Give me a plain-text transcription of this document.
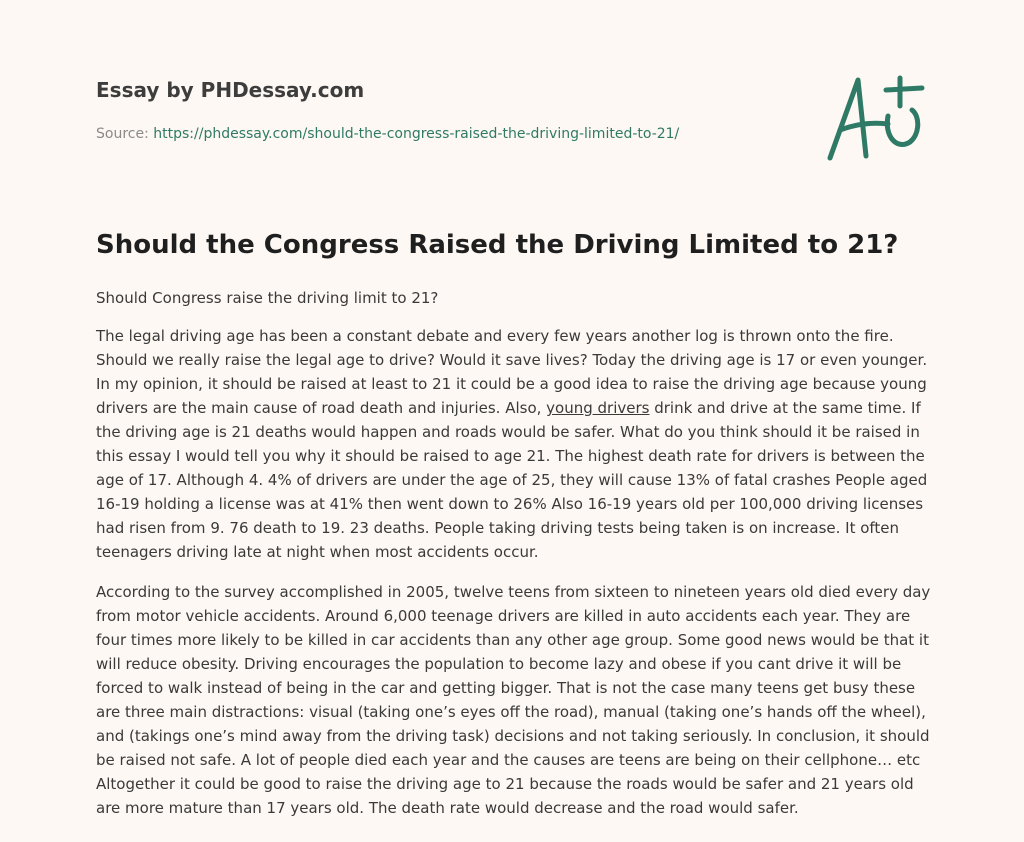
Essay by PHDessay.com
Source: https://phdessay.com/should-the-congress-raised-the-driving-limited-to-21/
Should the Congress Raised the Driving Limited to 21?

Should Congress raise the driving limit to 21?

The legal driving age has been a constant debate and every few years another log is thrown onto the fire. Should we really raise the legal age to drive? Would it save lives? Today the driving age is 17 or even younger. In my opinion, it should be raised at least to 21 it could be a good idea to raise the driving age because young drivers are the main cause of road death and injuries. Also, young drivers drink and drive at the same time. If the driving age is 21 deaths would happen and roads would be safer. What do you think should it be raised in this essay I would tell you why it should be raised to age 21. The highest death rate for drivers is between the age of 17. Although 4. 4% of drivers are under the age of 25, they will cause 13% of fatal crashes People aged 16-19 holding a license was at 41% then went down to 26% Also 16-19 years old per 100,000 driving licenses had risen from 9. 76 death to 19. 23 deaths. People taking driving tests being taken is on increase. It often teenagers driving late at night when most accidents occur.

According to the survey accomplished in 2005, twelve teens from sixteen to nineteen years old died every day from motor vehicle accidents. Around 6,000 teenage drivers are killed in auto accidents each year. They are four times more likely to be killed in car accidents than any other age group. Some good news would be that it will reduce obesity. Driving encourages the population to become lazy and obese if you cant drive it will be forced to walk instead of being in the car and getting bigger. That is not the case many teens get busy these are three main distractions: visual (taking one’s eyes off the road), manual (taking one’s hands off the wheel), and (takings one’s mind away from the driving task) decisions and not taking seriously. In conclusion, it should be raised not safe. A lot of people died each year and the causes are teens are being on their cellphone… etc Altogether it could be good to raise the driving age to 21 because the roads would be safer and 21 years old are more mature than 17 years old. The death rate would decrease and the road would safer.
